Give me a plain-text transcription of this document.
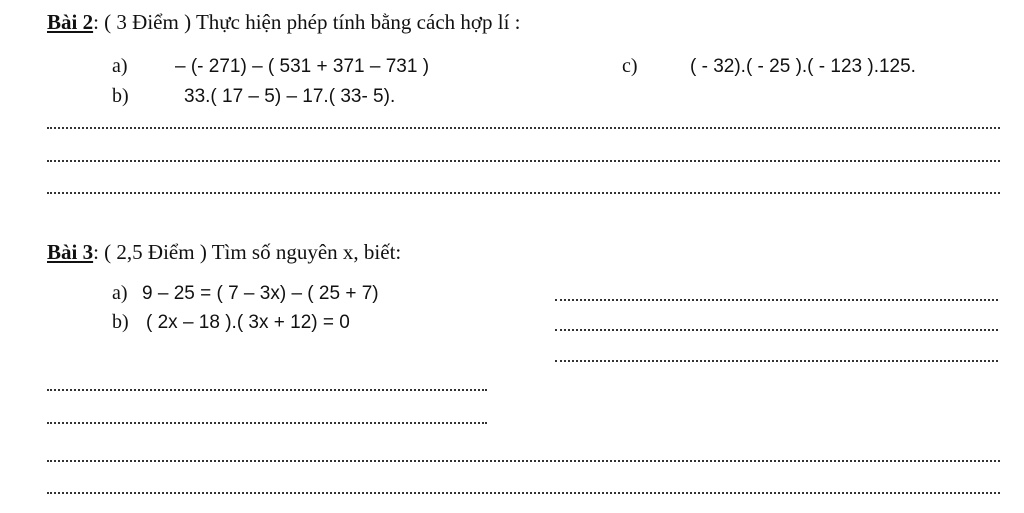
Bài 2: ( 3 Điểm ) Thực hiện phép tính bằng cách hợp lí :
a) – (- 271) – ( 531 + 371 – 731 )	c)	( - 32).( - 25 ).( - 123 ).125.
b)	33.( 17 – 5) – 17.( 33- 5).
Bài 3: ( 2,5 Điểm ) Tìm số nguyên x, biết:
a) 9 – 25 = ( 7 – 3x) – ( 25 + 7)
b) ( 2x – 18 ).( 3x + 12) = 0
